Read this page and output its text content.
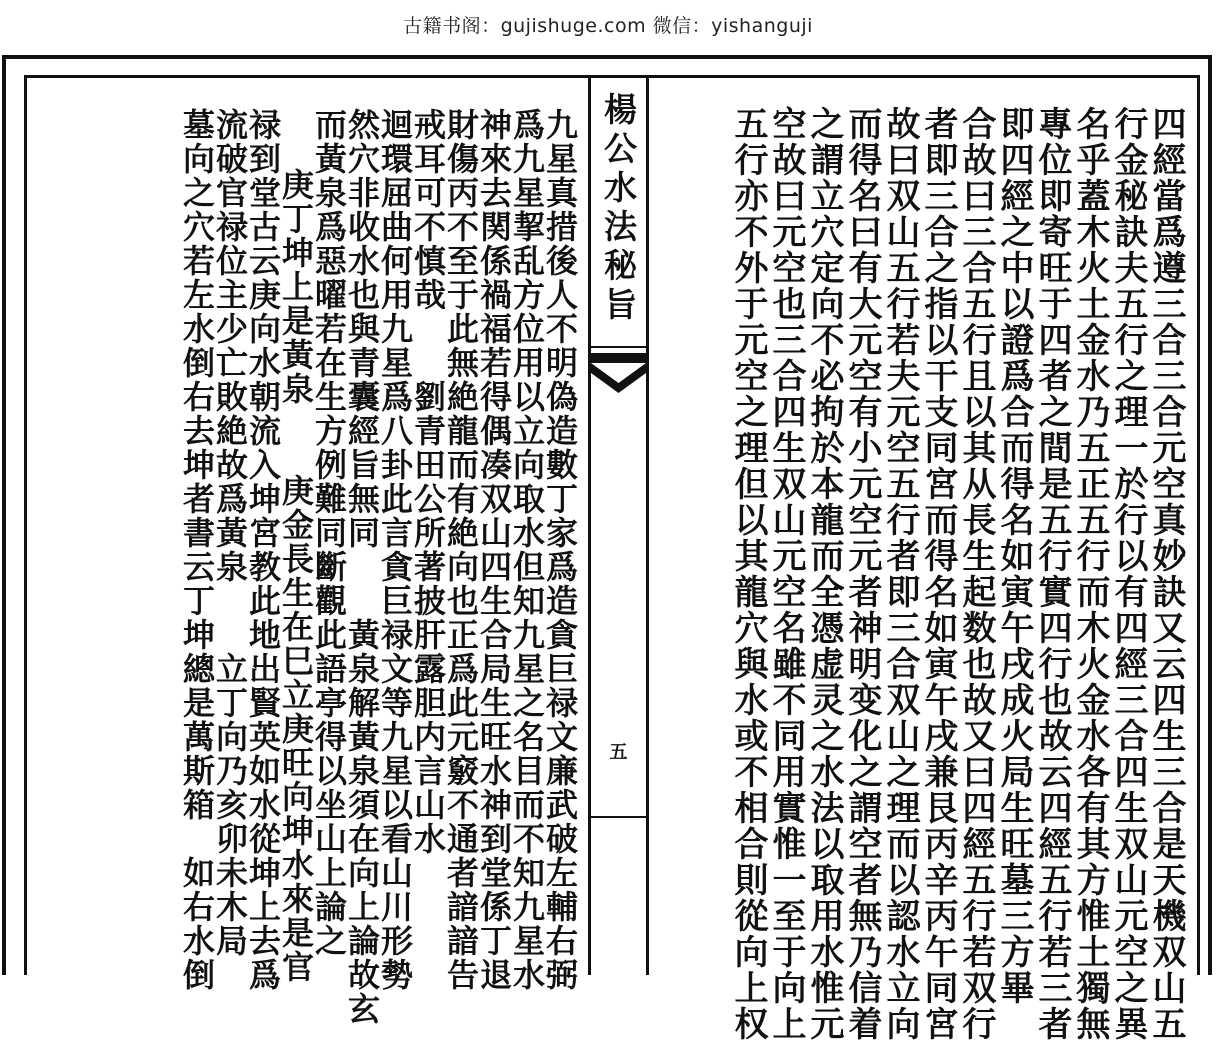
古籍书阁：gujishuge.com 微信：yishanguji
九星真措後人不明偽造數丁家爲造貪巨禄文廉武破左輔右弼
爲九星挈乱方位用以立向取水但知九星之名目而不知九星水
神來去関係禍福若得偶凑双山四生合局生旺水神到堂係丁退
財傷丙不至于此無絶龍而有絶向也正爲此元竅不通者諳諳告
戒耳可不慎哉　　劉青田公所著披肝露胆内言山水
迴環屈曲何用九星爲八卦此言貪巨禄文等九星以看山川形勢
然穴非收水也與青囊經旨無同　　黃泉解黃泉須在向上論故玄
而黃泉爲惡曜若在生方例難同斷觀此語亭得以坐山上論之
庚丁坤上是黃泉　　庚金長生在巳立庚旺向坤水來是官
禄到堂古云庚向水朝流入坤宮教此地出賢英如水從坤上去爲
流破官禄位主少亡敗絶故爲黃泉　　立丁向乃亥卯未木局
墓向之穴若左水倒右去坤者書云丁坤總是萬斯箱　如右水倒	楊公水法秘旨
五	四經當爲遵三合三合元空真妙訣又云四生三合是天機双山五
行金秘訣夫五行之理一於行以有四經三合四生双山元空之異
名乎蓋木火土金水乃五正五行而木火金水各有其方惟土獨無
專位即寄旺于四者之間是五行實四行也故云四經五行若三者
即四經之中以證爲合而得名如寅午戌成火局生旺墓三方畢
合故曰三合五行且以其从長生起数也故又曰四經五行若双行
者即三合之指以干支同宮而得名如寅午戌兼艮丙辛丙午同宮
故曰双山五行若夫元空五行者即三合双山之理而以認水立向
而得名曰有大元空有小元空元者神明变化之謂空者無乃信着
之謂立穴定向不必拘於本龍而全憑虚灵之水法以取用水惟元
空故曰元空也三合四生双山元空名雖不同用實惟一至于向上
五行亦不外于元空之理但以其龍穴與水或不相合則從向上权
